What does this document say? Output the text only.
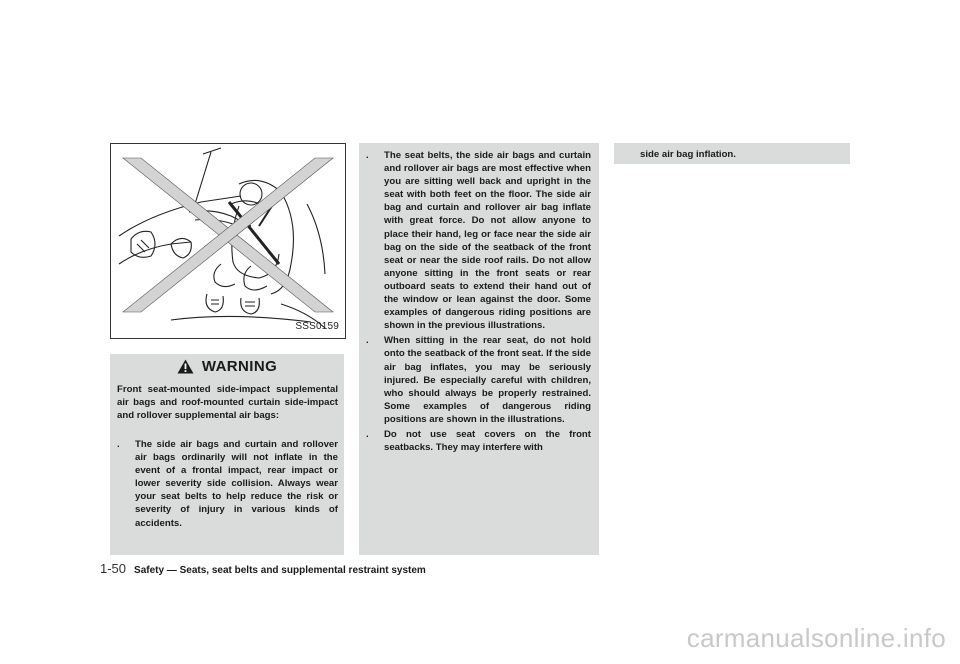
SSS0159
WARNING
Front seat-mounted side-impact supplemental air bags and roof-mounted curtain side-impact and rollover supplemental air bags:
. The side air bags and curtain and rollover air bags ordinarily will not inflate in the event of a frontal impact, rear impact or lower severity side collision. Always wear your seat belts to help reduce the risk or severity of injury in various kinds of accidents.
. The seat belts, the side air bags and curtain and rollover air bags are most effective when you are sitting well back and upright in the seat with both feet on the floor. The side air bag and curtain and rollover air bag inflate with great force. Do not allow anyone to place their hand, leg or face near the side air bag on the side of the seatback of the front seat or near the side roof rails. Do not allow anyone sitting in the front seats or rear outboard seats to extend their hand out of the window or lean against the door. Some examples of dangerous riding positions are shown in the previous illustrations.
. When sitting in the rear seat, do not hold onto the seatback of the front seat. If the side air bag inflates, you may be seriously injured. Be especially careful with children, who should always be properly restrained. Some examples of dangerous riding positions are shown in the illustrations.
. Do not use seat covers on the front seatbacks. They may interfere with
side air bag inflation.
1-50 Safety — Seats, seat belts and supplemental restraint system
carmanualsonline.info
